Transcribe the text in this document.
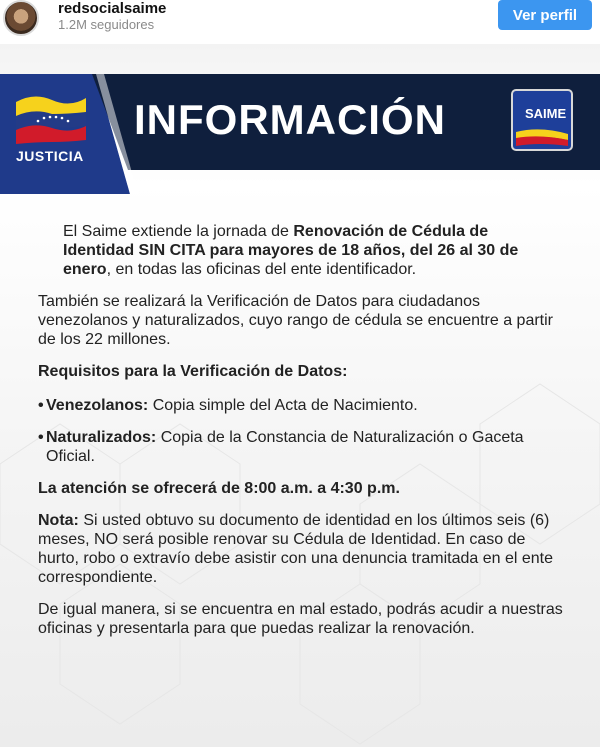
redsocialsaime
1.2M seguidores
Ver perfil
INFORMACIÓN
JUSTICIA
SAIME

El Saime extiende la jornada de Renovación de Cédula de Identidad SIN CITA para mayores de 18 años, del 26 al 30 de enero, en todas las oficinas del ente identificador.

También se realizará la Verificación de Datos para ciudadanos venezolanos y naturalizados, cuyo rango de cédula se encuentre a partir de los 22 millones.

Requisitos para la Verificación de Datos:

• Venezolanos: Copia simple del Acta de Nacimiento.
• Naturalizados: Copia de la Constancia de Naturalización o Gaceta Oficial.

La atención se ofrecerá de 8:00 a.m. a 4:30 p.m.

Nota: Si usted obtuvo su documento de identidad en los últimos seis (6) meses, NO será posible renovar su Cédula de Identidad. En caso de hurto, robo o extravío debe asistir con una denuncia tramitada en el ente correspondiente.

De igual manera, si se encuentra en mal estado, podrás acudir a nuestras oficinas y presentarla para que puedas realizar la renovación.
